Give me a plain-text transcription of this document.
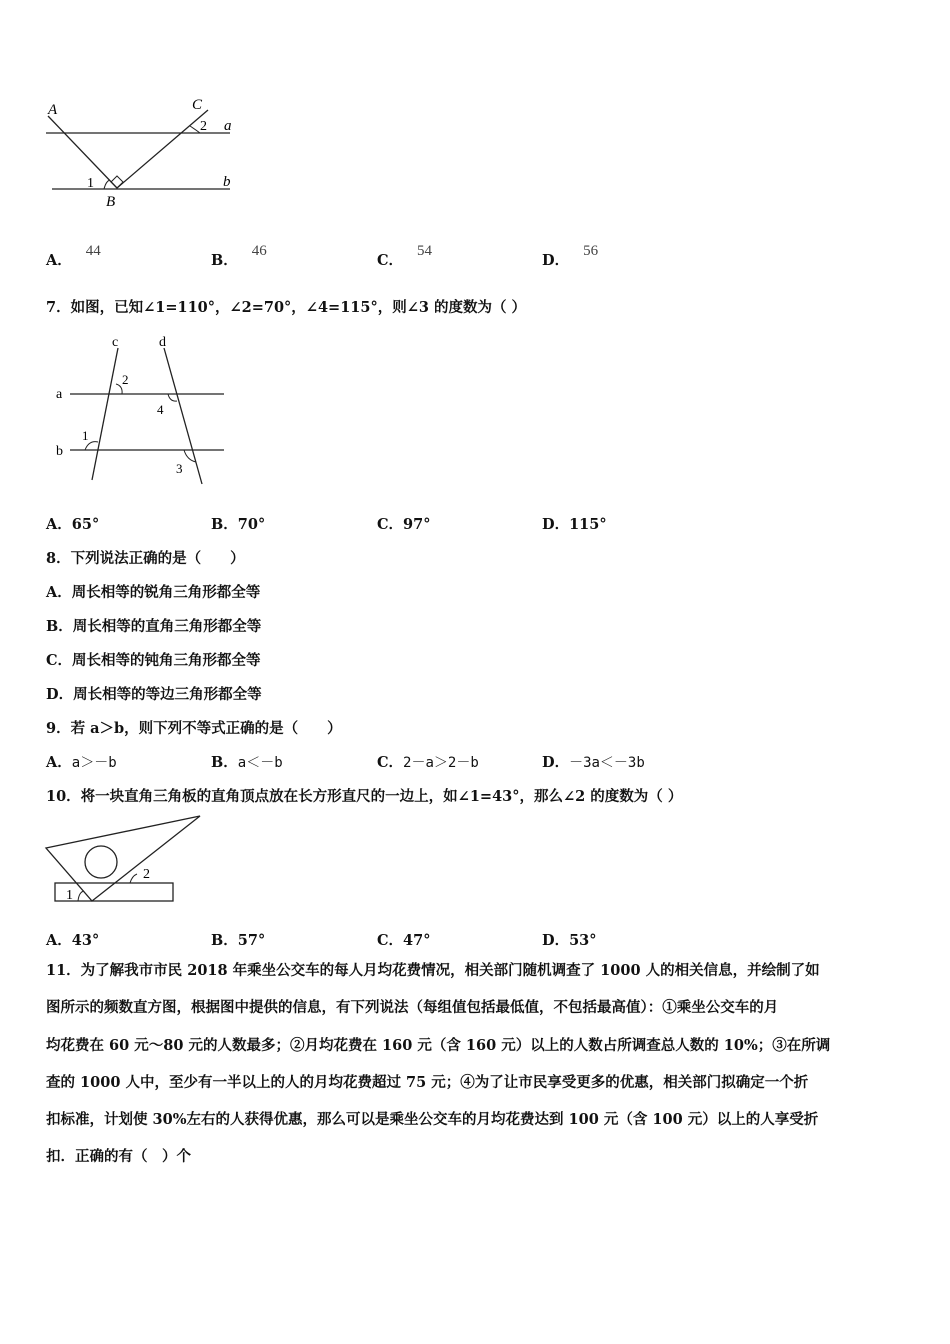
A	C
2 a
1
B
b
A．44
B．46
C．54
D．56
7．如图，已知∠1=110°，∠2=70°，∠4=115°，则∠3 的度数为（ ）
c	d
a
b
2
4
1
3
A．65°	B．70°	C．97°	D．115°
8．下列说法正确的是（　　）
A．周长相等的锐角三角形都全等
B．周长相等的直角三角形都全等
C．周长相等的钝角三角形都全等
D．周长相等的等边三角形都全等
9．若 a＞b，则下列不等式正确的是（　　）
A．a＞－b	B．a＜－b	C．2－a＞2－b	D．－3a＜－3b
10．将一块直角三角板的直角顶点放在长方形直尺的一边上，如∠1=43°，那么∠2 的度数为（ ）
1
2
A．43°	B．57°	C．47°	D．53°
11．为了解我市市民 2018 年乘坐公交车的每人月均花费情况，相关部门随机调查了 1000 人的相关信息，并绘制了如
图所示的频数直方图，根据图中提供的信息，有下列说法（每组值包括最低值，不包括最高值）：①乘坐公交车的月
均花费在 60 元～80 元的人数最多；②月均花费在 160 元（含 160 元）以上的人数占所调查总人数的 10%；③在所调
查的 1000 人中，至少有一半以上的人的月均花费超过 75 元；④为了让市民享受更多的优惠，相关部门拟确定一个折
扣标准，计划使 30%左右的人获得优惠，那么可以是乘坐公交车的月均花费达到 100 元（含 100 元）以上的人享受折
扣．正确的有（　）个
